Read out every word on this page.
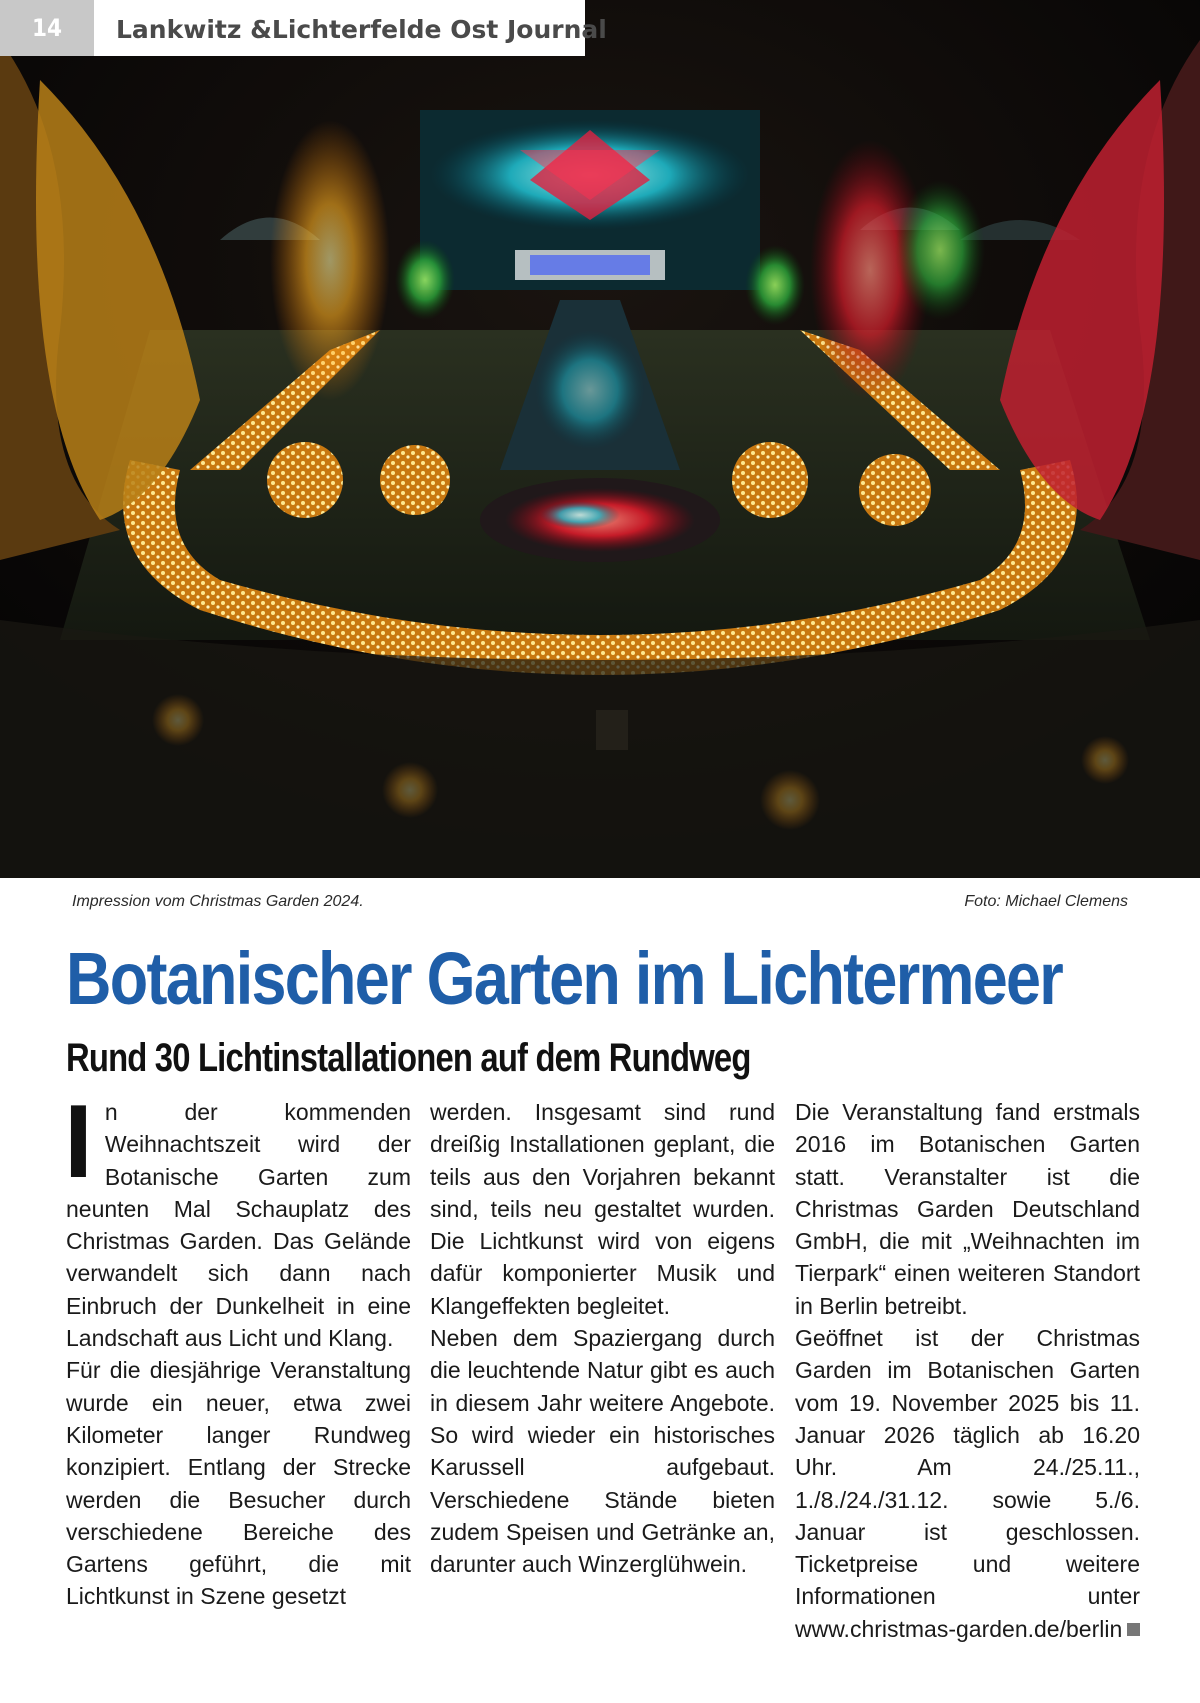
14	Lankwitz &Lichterfelde Ost Journal
Impression vom Christmas Garden 2024.	Foto: Michael Clemens
Botanischer Garten im Lichtermeer
Rund 30 Lichtinstallationen auf dem Rundweg

In der kommenden Weihnachtszeit wird der Botanische Garten zum neunten Mal Schauplatz des Christmas Garden. Das Gelände verwandelt sich dann nach Einbruch der Dunkelheit in eine Landschaft aus Licht und Klang.

Für die diesjährige Veranstaltung wurde ein neuer, etwa zwei Kilometer langer Rundweg konzipiert. Entlang der Strecke werden die Besucher durch verschiedene Bereiche des Gartens geführt, die mit Lichtkunst in Szene gesetzt

werden. Insgesamt sind rund dreißig Installationen geplant, die teils aus den Vorjahren bekannt sind, teils neu gestaltet wurden. Die Lichtkunst wird von eigens dafür komponierter Musik und Klangeffekten begleitet.

Neben dem Spaziergang durch die leuchtende Natur gibt es auch in diesem Jahr weitere Angebote. So wird wieder ein historisches Karussell aufgebaut. Verschiedene Stände bieten zudem Speisen und Getränke an, darunter auch Winzerglühwein.

Die Veranstaltung fand erstmals 2016 im Botanischen Garten statt. Veranstalter ist die Christmas Garden Deutschland GmbH, die mit „Weihnachten im Tierpark“ einen weiteren Standort in Berlin betreibt.

Geöffnet ist der Christmas Garden im Botanischen Garten vom 19. November 2025 bis 11. Januar 2026 täglich ab 16.20 Uhr. Am 24./25.11., 1./8./24./31.12. sowie 5./6. Januar ist geschlossen. Ticketpreise und weitere Informationen unter www.christmas-garden.de/berlin
